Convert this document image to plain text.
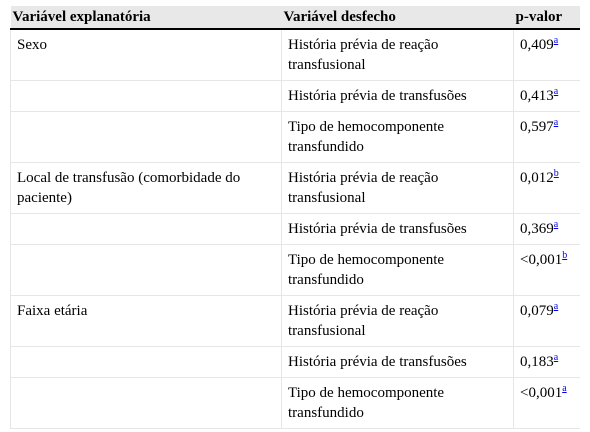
Variável explanatória	Variável desfecho	p-valor
Sexo	História prévia de reação transfusional	0,409$^a$
	História prévia de transfusões	0,413$^a$
	Tipo de hemocomponente transfundido	0,597$^a$
Local de transfusão (comorbidade do paciente)	História prévia de reação transfusional	0,012$^b$
	História prévia de transfusões	0,369$^a$
	Tipo de hemocomponente transfundido	<0,001$^b$
Faixa etária	História prévia de reação transfusional	0,079$^a$
	História prévia de transfusões	0,183$^a$
	Tipo de hemocomponente transfundido	<0,001$^a$
